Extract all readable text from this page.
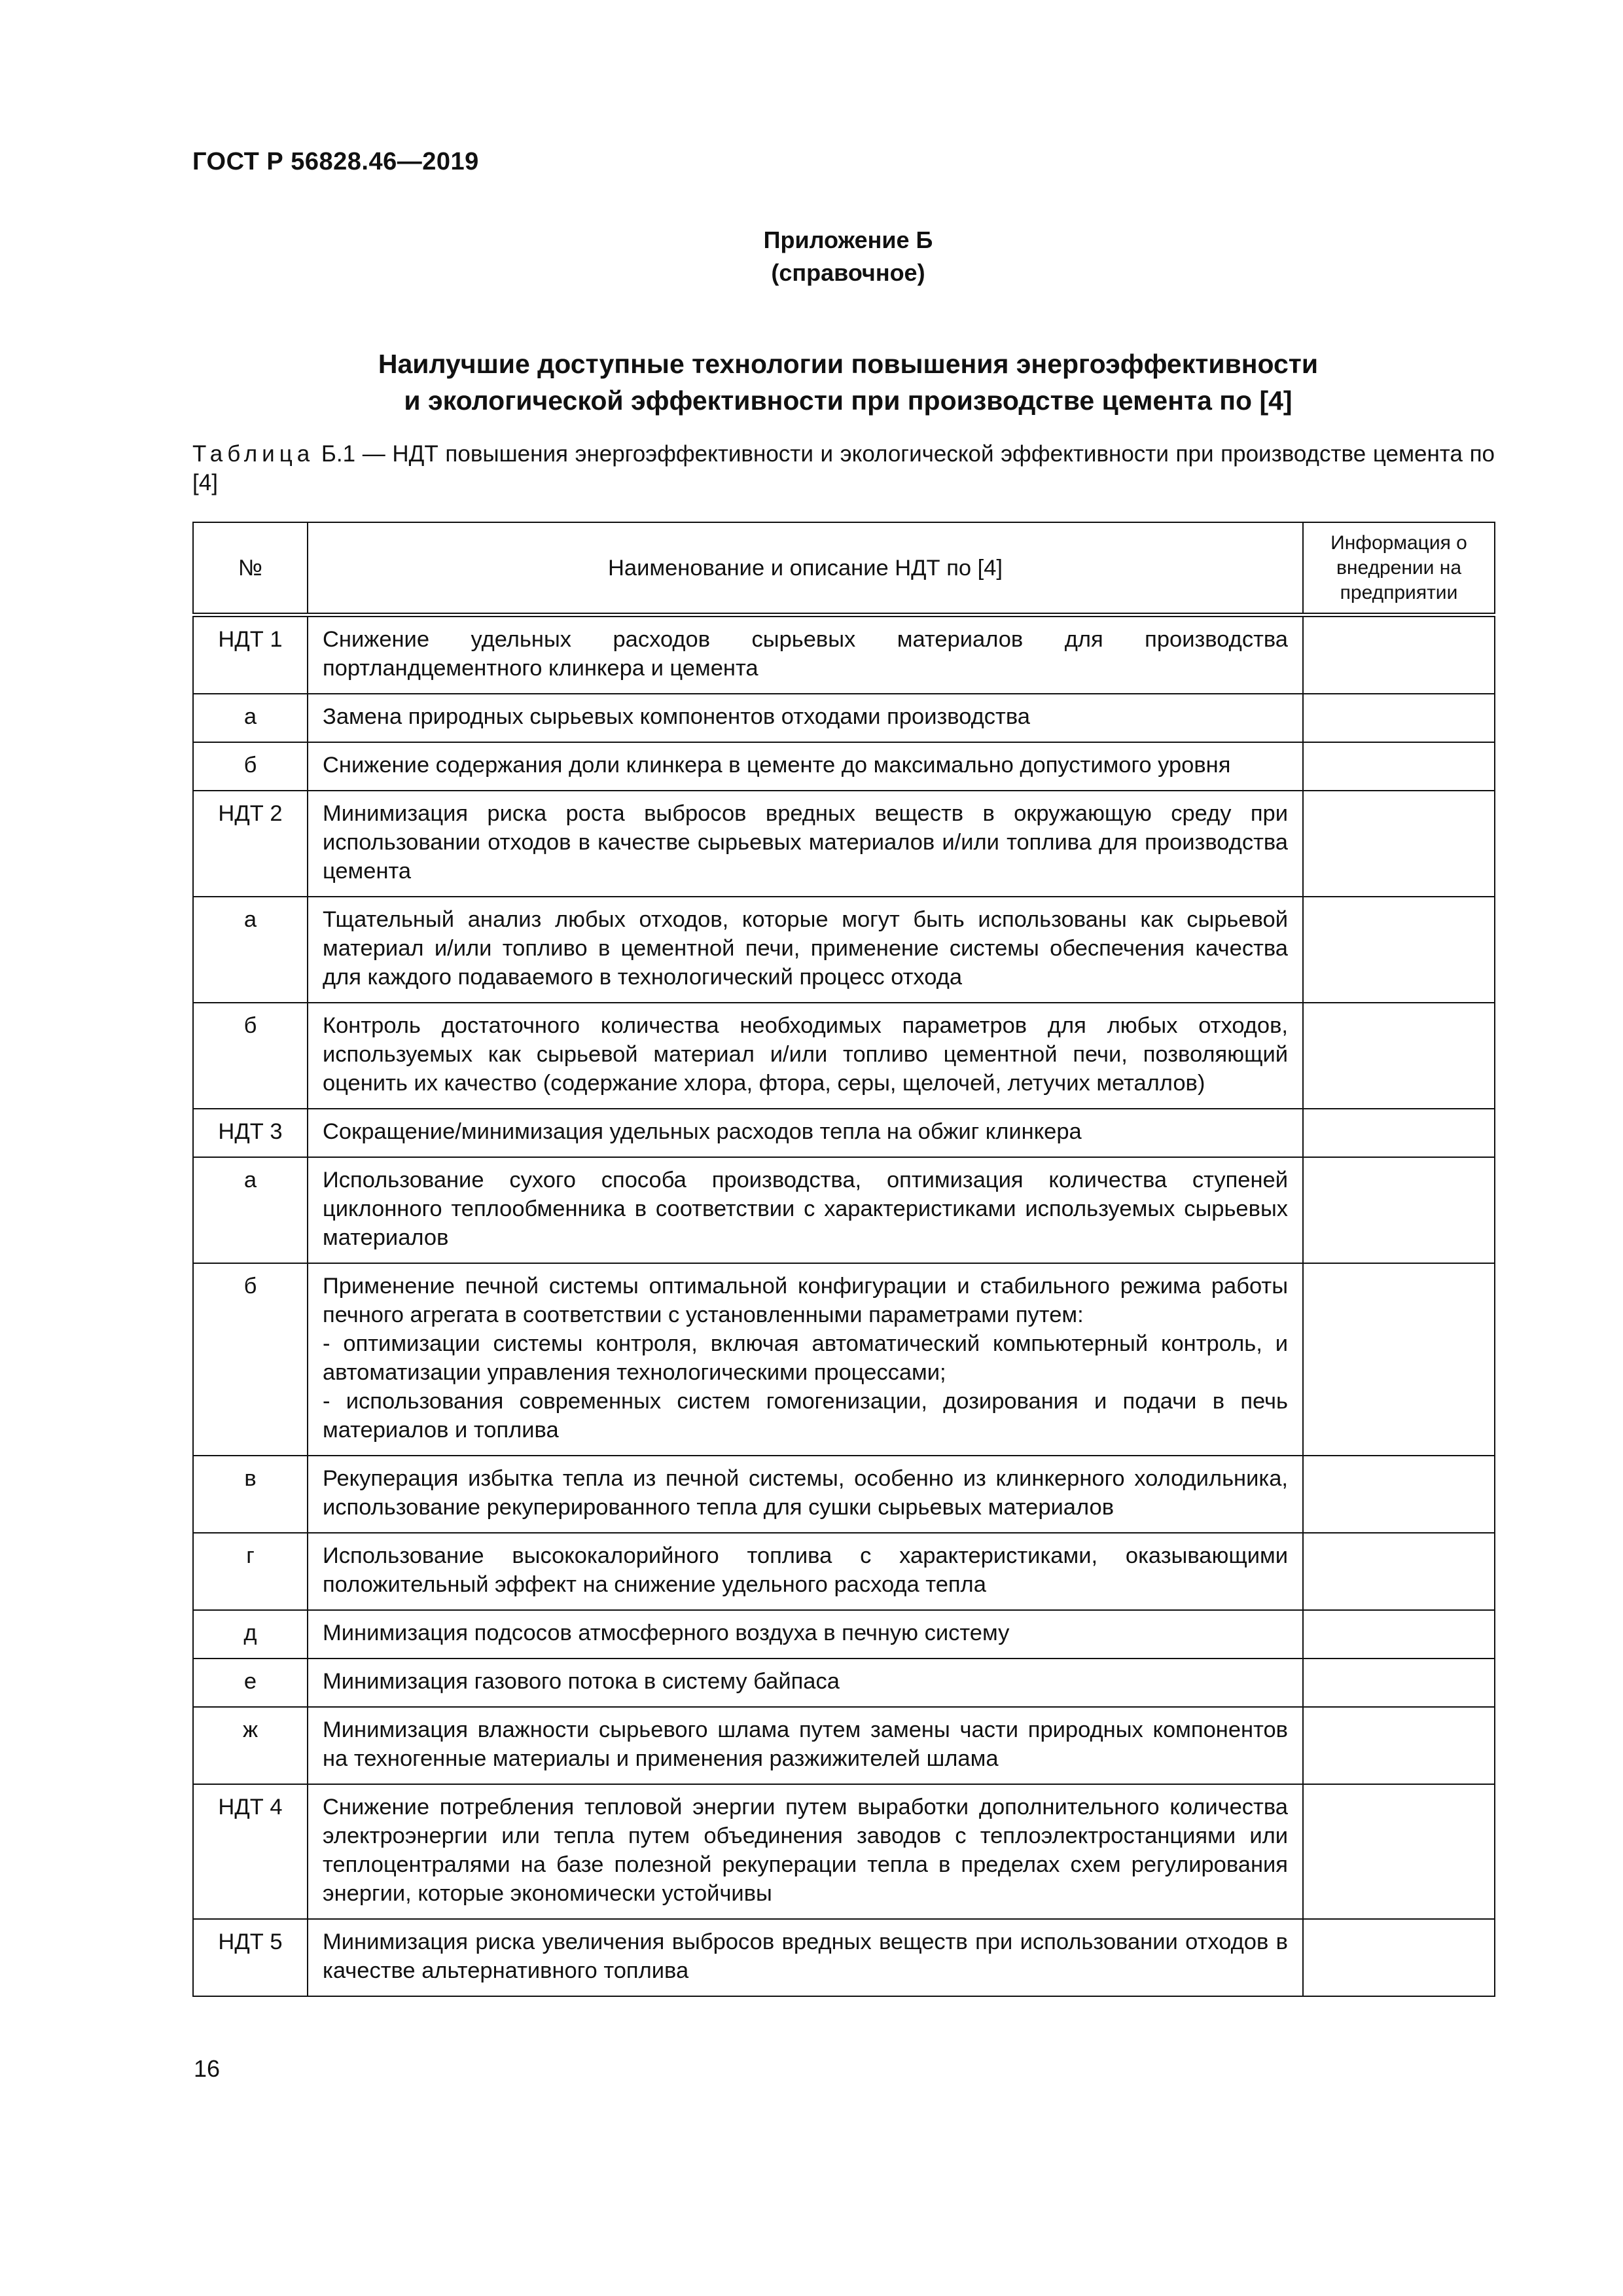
ГОСТ Р 56828.46—2019
Приложение Б
(справочное)
Наилучшие доступные технологии повышения энергоэффективности
и экологической эффективности при производстве цемента по [4]
Таблица Б.1 — НДТ повышения энергоэффективности и экологической эффективности при производстве цемента по [4]
№	Наименование и описание НДТ по [4]	Информация о внедрении на предприятии
НДТ 1	Снижение удельных расходов сырьевых материалов для производства портландцементного клинкера и цемента	
а	Замена природных сырьевых компонентов отходами производства	
б	Снижение содержания доли клинкера в цементе до максимально допустимого уровня	
НДТ 2	Минимизация риска роста выбросов вредных веществ в окружающую среду при использовании отходов в качестве сырьевых материалов и/или топлива для производства цемента	
а	Тщательный анализ любых отходов, которые могут быть использованы как сырьевой материал и/или топливо в цементной печи, применение системы обеспечения качества для каждого подаваемого в технологический процесс отхода	
б	Контроль достаточного количества необходимых параметров для любых отходов, используемых как сырьевой материал и/или топливо цементной печи, позволяющий оценить их качество (содержание хлора, фтора, серы, щелочей, летучих металлов)	
НДТ 3	Сокращение/минимизация удельных расходов тепла на обжиг клинкера	
а	Использование сухого способа производства, оптимизация количества ступеней циклонного теплообменника в соответствии с характеристиками используемых сырьевых материалов	
б	Применение печной системы оптимальной конфигурации и стабильного режима работы печного агрегата в соответствии с установленными параметрами путем:
- оптимизации системы контроля, включая автоматический компьютерный контроль, и автоматизации управления технологическими процессами;
- использования современных систем гомогенизации, дозирования и подачи в печь материалов и топлива	

в	Рекуперация избытка тепла из печной системы, особенно из клинкерного холодильника, использование рекуперированного тепла для сушки сырьевых материалов	
г	Использование высококалорийного топлива с характеристиками, оказывающими положительный эффект на снижение удельного расхода тепла	
д	Минимизация подсосов атмосферного воздуха в печную систему	
е	Минимизация газового потока в систему байпаса	
ж	Минимизация влажности сырьевого шлама путем замены части природных компонентов на техногенные материалы и применения разжижителей шлама	
НДТ 4	Снижение потребления тепловой энергии путем выработки дополнительного количества электроэнергии или тепла путем объединения заводов с теплоэлектростанциями или теплоцентралями на базе полезной рекуперации тепла в пределах схем регулирования энергии, которые экономически устойчивы	
НДТ 5	Минимизация риска увеличения выбросов вредных веществ при использовании отходов в качестве альтернативного топлива	
16
